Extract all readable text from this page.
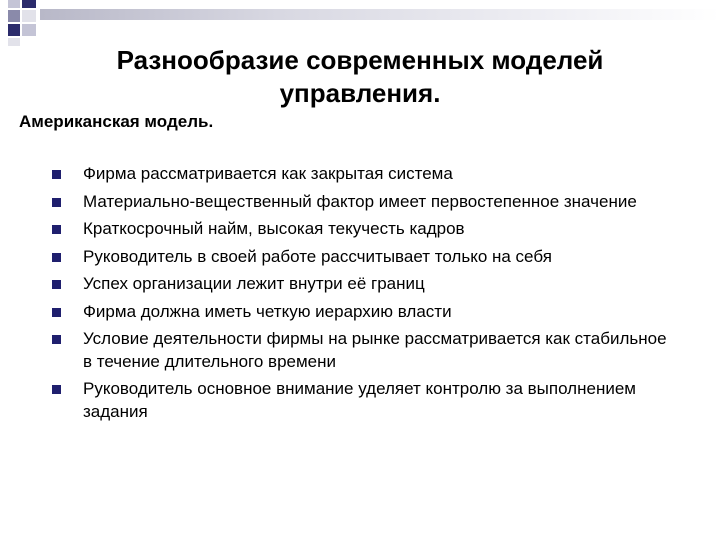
Разнообразие современных моделей управления.
Американская модель.
Фирма рассматривается как закрытая система
Материально-вещественный фактор имеет первостепенное значение
Краткосрочный найм, высокая текучесть кадров
Руководитель в своей работе рассчитывает только на себя
Успех организации лежит внутри её границ
Фирма должна иметь четкую иерархию власти
Условие деятельности фирмы на рынке рассматривается как стабильное в течение длительного времени
Руководитель основное внимание уделяет контролю за выполнением задания
